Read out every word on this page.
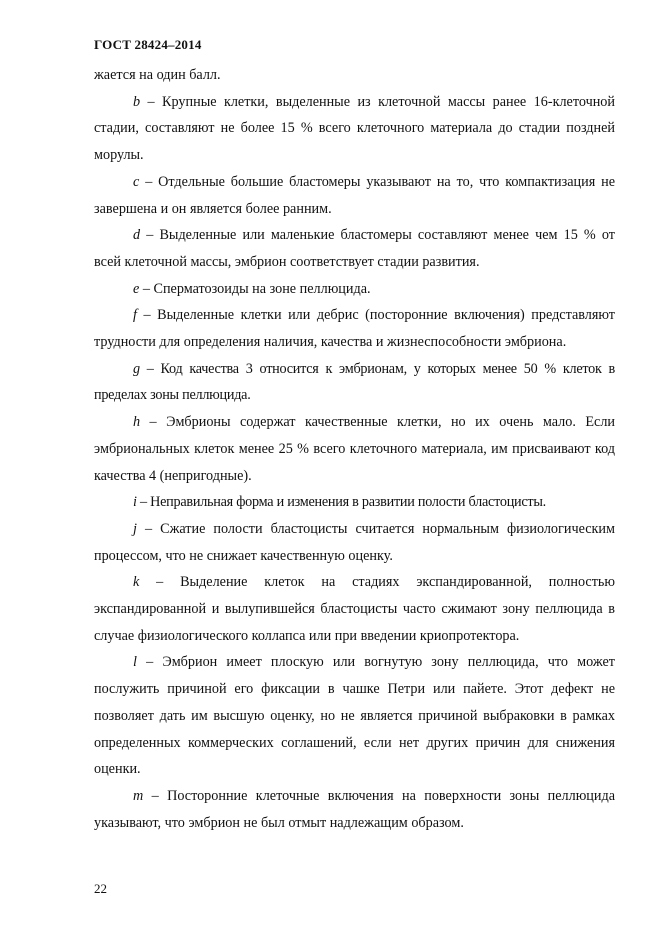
ГОСТ 28424–2014

жается на один балл.

b – Крупные клетки, выделенные из клеточной массы ранее 16-клеточной стадии, составляют не более 15 % всего клеточного материала до стадии поздней морулы.

c – Отдельные большие бластомеры указывают на то, что компактизация не завершена и он является более ранним.

d – Выделенные или маленькие бластомеры составляют менее чем 15 % от всей клеточной массы, эмбрион соответствует стадии развития.

e – Сперматозоиды на зоне пеллюцида.

f – Выделенные клетки или дебрис (посторонние включения) представляют трудности для определения наличия, качества и жизнеспособности эмбриона.

g – Код качества 3 относится к эмбрионам, у которых менее 50 % клеток в пределах зоны пеллюцида.

h – Эмбрионы содержат качественные клетки, но их очень мало. Если эмбриональных клеток менее 25 % всего клеточного материала, им присваивают код качества 4 (непригодные).

i – Неправильная форма и изменения в развитии полости бластоцисты.

j – Сжатие полости бластоцисты считается нормальным физиологическим процессом, что не снижает качественную оценку.

k – Выделение клеток на стадиях экспандированной, полностью экспандированной и вылупившейся бластоцисты часто сжимают зону пеллюцида в случае физиологического коллапса или при введении криопротектора.

l – Эмбрион имеет плоскую или вогнутую зону пеллюцида, что может послужить причиной его фиксации в чашке Петри или пайете. Этот дефект не позволяет дать им высшую оценку, но не является причиной выбраковки в рамках определенных коммерческих соглашений, если нет других причин для снижения оценки.

m – Посторонние клеточные включения на поверхности зоны пеллюцида указывают, что эмбрион не был отмыт надлежащим образом.

22
